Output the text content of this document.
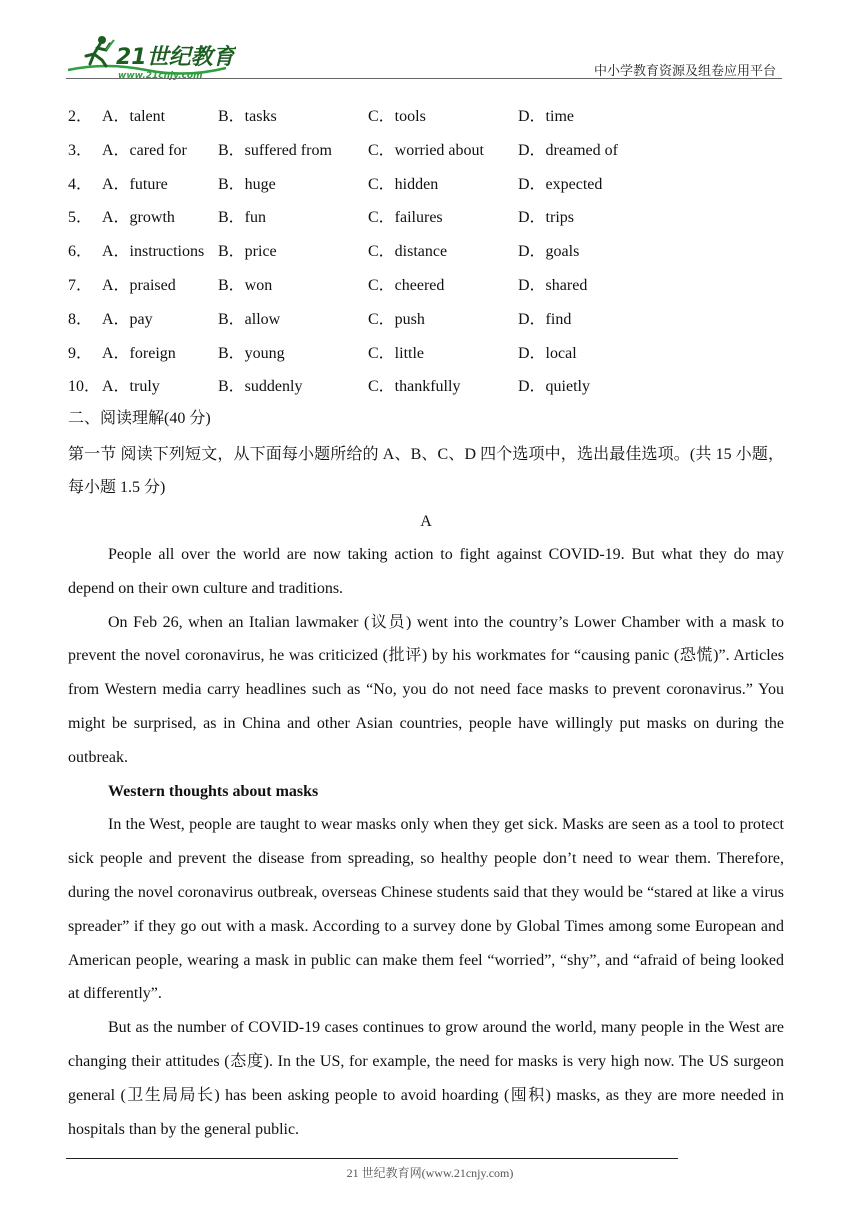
21世纪教育
www.21cnjy.com	中小学教育资源及组卷应用平台
2． A．talent	B．tasks	C．tools	D．time
3． A．cared for B．suffered from C．worried about D．dreamed of
4． A．future	B．huge	C．hidden	D．expected
5． A．growth	B．fun	C．failures	D．trips
6． A．instructions B．price	C．distance	D．goals
7． A．praised	B．won	C．cheered	D．shared
8． A．pay	B．allow	C．push	D．find
9． A．foreign	B．young	C．little	D．local
10． A．truly	B．suddenly	C．thankfully	D．quietly
二、阅读理解(40 分)
第一节 阅读下列短文，从下面每小题所给的 A、B、C、D 四个选项中，选出最佳选项。(共 15 小题，每小题 1.5 分)
A

People all over the world are now taking action to fight against COVID-19. But what they do may depend on their own culture and traditions.

On Feb 26, when an Italian lawmaker (议员) went into the country’s Lower Chamber with a mask to prevent the novel coronavirus, he was criticized (批评) by his workmates for “causing panic (恐慌)”. Articles from Western media carry headlines such as “No, you do not need face masks to prevent coronavirus.” You might be surprised, as in China and other Asian countries, people have willingly put masks on during the outbreak.

Western thoughts about masks

In the West, people are taught to wear masks only when they get sick. Masks are seen as a tool to protect sick people and prevent the disease from spreading, so healthy people don’t need to wear them. Therefore, during the novel coronavirus outbreak, overseas Chinese students said that they would be “stared at like a virus spreader” if they go out with a mask. According to a survey done by Global Times among some European and American people, wearing a mask in public can make them feel “worried”, “shy”, and “afraid of being looked at differently”.

But as the number of COVID-19 cases continues to grow around the world, many people in the West are changing their attitudes (态度). In the US, for example, the need for masks is very high now. The US surgeon general (卫生局局长) has been asking people to avoid hoarding (囤积) masks, as they are more needed in hospitals than by the general public.

21 世纪教育网(www.21cnjy.com)
